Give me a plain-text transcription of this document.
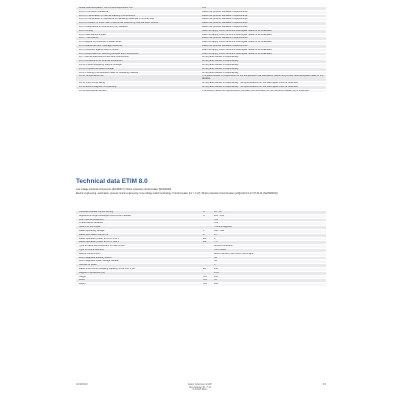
Brake heat dissipation, non current-dependent Pvs	0 W
10.2.2 Corrosion resistance	Meets the product standard's requirements.
10.2.3.1 Verification of thermal stability of enclosures	Meets the product standard's requirements.
10.2.3.2 Verification of resistance of insulating materials to normal heat	Meets the product standard's requirements.
10.2.3.3 Resist. of insul. mat. to abnormal heat/fire by internal elect. effects	Meets the product standard's requirements.
10.2.4 Resistance to ultra-violet (UV) radiation	Meets the product standard's requirements.
10.2.5 Lifting	Does not apply, since the entire switchgear needs to be evaluated.
10.2.6 Mechanical impact	Does not apply, since the entire switchgear needs to be evaluated.
10.2.7 Inscriptions	Meets the product standard's requirements.
10.3 Degree of protection of assemblies	Does not apply, since the entire switchgear needs to be evaluated.
10.4 Clearances and creepage distances	Meets the product standard's requirements.
10.5 Protection against electric shock	Does not apply, since the entire switchgear needs to be evaluated.
10.6 Incorporation of switching devices and components	Does not apply, since the entire switchgear needs to be evaluated.
10.7 Internal electrical circuits and connections	Is the panel builder's responsibility.
10.8 Connections for external conductors	Is the panel builder's responsibility.
10.9.2 Power-frequency electric strength	Is the panel builder's responsibility.
10.9.3 Impulse withstand voltage	Is the panel builder's responsibility.
10.9.4 Testing of enclosures made of insulating material	Is the panel builder's responsibility.
10.10 Temperature rise	The panel builder is responsible for the temperature rise calculation. Eaton will provide heat dissipation data for the devices.
10.11 Short-circuit rating	Is the panel builder's responsibility. The specifications for the switchgear must be observed.
10.12 Electromagnetic compatibility	Is the panel builder's responsibility. The specifications for the switchgear must be observed.
10.13 Mechanical function	The device meets the requirements, provided the information in the instruction leaflet (IL) is observed.
Technical data ETIM 8.0
Low-voltage industrial components (EG000017) / Motor protection circuit-breaker (EC000228)
Electric engineering, automation, process control engineering / Low-voltage switch technology / Circuit breaker (LV < 1 kV) / Motor protection circuit-breaker (ecl@ss10.0.1-27-37-04-01 [AGZ529014])
Overload release current setting	A	10 - 16
Adjustment range undelayed short-circuit release	A	224 - 224
With thermal protection		Yes
Phase failure sensitive		Yes
Switch off technique		Thermomagnetic
Rated operating voltage	V	690 - 690
Rated permanent current Iu	A	16
Rated operation power at AC-3, 230 V	kW	4
Rated operation power at AC-3, 400 V	kW	7.5
Type of electrical connection of main circuit		Screw connection
Type of control element		Turn button
Device construction		Built-in device fixed built-in technique
With integrated auxiliary switch		No
With integrated under voltage release		No
Number of poles		3
Rated short-circuit breaking capacity Icu at 400 V, AC	kA	150
Degree of protection (IP)		IP20
Height	mm	100
Width	mm	55
Depth	mm	106
10/30/2020	Eaton Industries GmbH
Hein-Moeller-Str. 7-11
D-53115 Bonn
3/3
